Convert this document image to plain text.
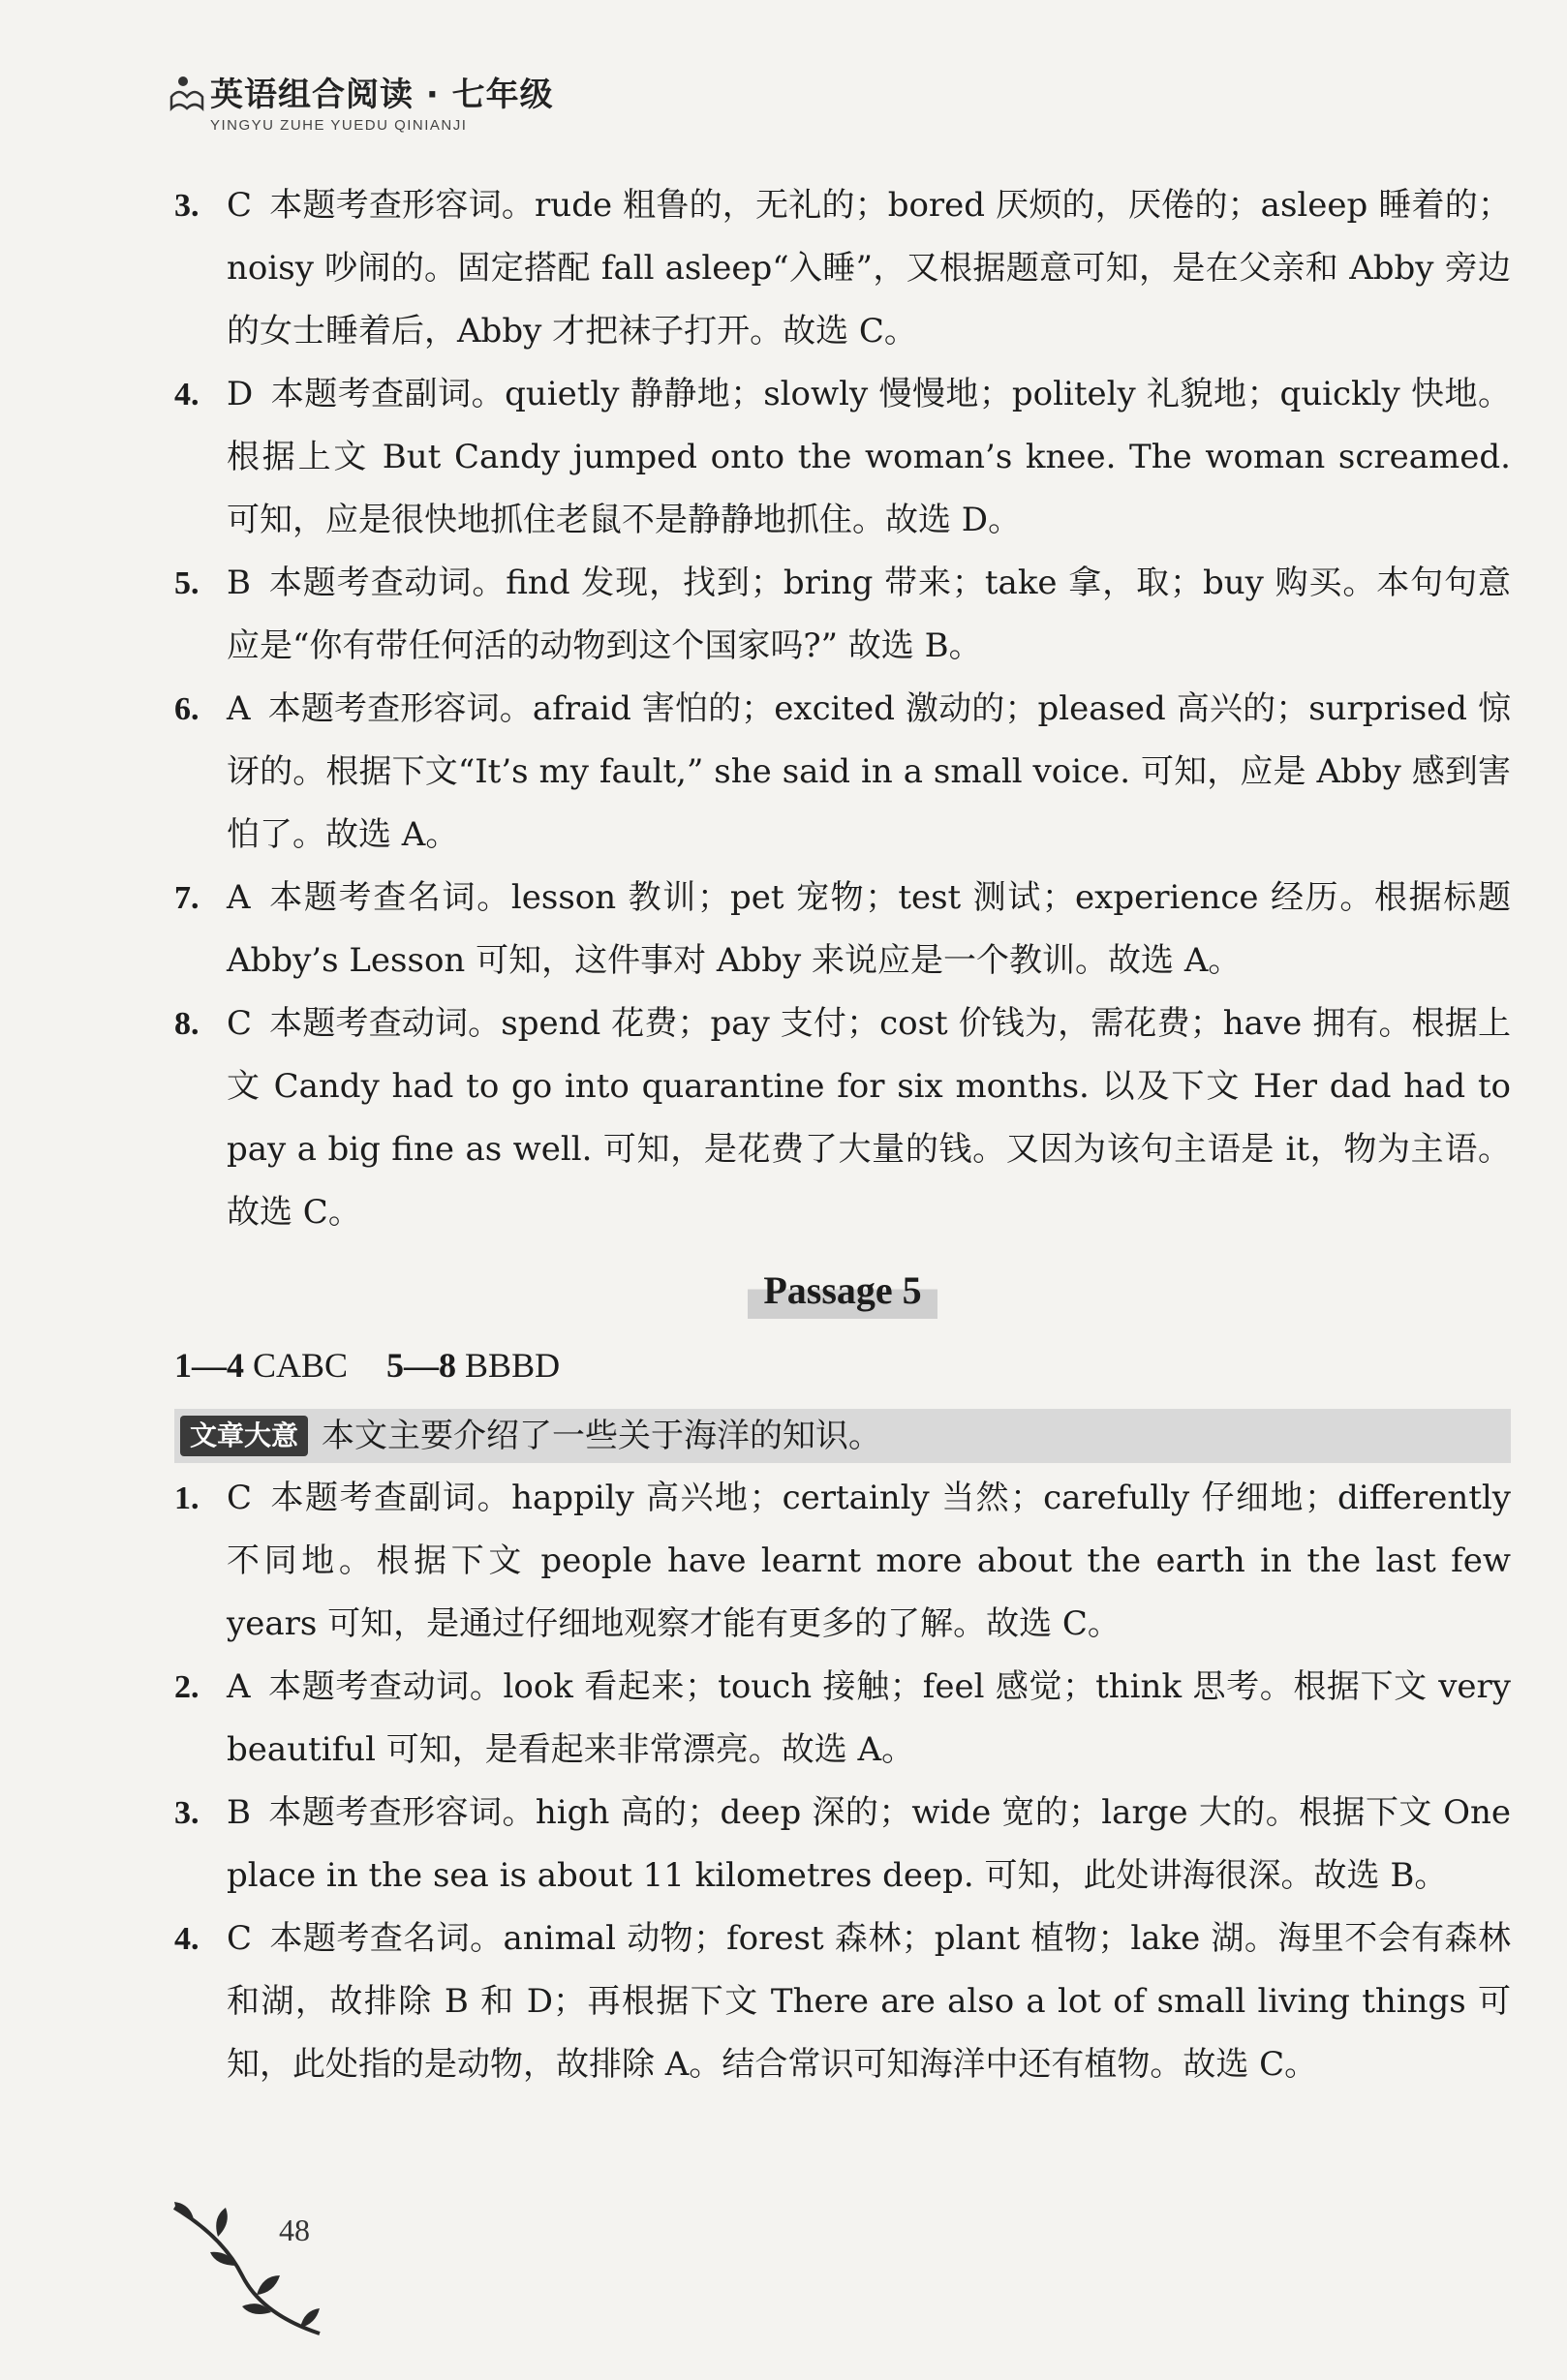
英语组合阅读 · 七年级
YINGYU ZUHE YUEDU QINIANJI
3. C 本题考查形容词。rude 粗鲁的，无礼的；bored 厌烦的，厌倦的；asleep 睡着的；noisy 吵闹的。固定搭配 fall asleep“入睡”，又根据题意可知，是在父亲和 Abby 旁边的女士睡着后，Abby 才把袜子打开。故选 C。
4. D 本题考查副词。quietly 静静地；slowly 慢慢地；politely 礼貌地；quickly 快地。根据上文 But Candy jumped onto the woman’s knee. The woman screamed. 可知，应是很快地抓住老鼠不是静静地抓住。故选 D。
5. B 本题考查动词。find 发现，找到；bring 带来；take 拿，取；buy 购买。本句句意应是“你有带任何活的动物到这个国家吗?” 故选 B。
6. A 本题考查形容词。afraid 害怕的；excited 激动的；pleased 高兴的；surprised 惊讶的。根据下文“It’s my fault,” she said in a small voice. 可知，应是 Abby 感到害怕了。故选 A。
7. A 本题考查名词。lesson 教训；pet 宠物；test 测试；experience 经历。根据标题 Abby’s Lesson 可知，这件事对 Abby 来说应是一个教训。故选 A。
8. C 本题考查动词。spend 花费；pay 支付；cost 价钱为，需花费；have 拥有。根据上文 Candy had to go into quarantine for six months. 以及下文 Her dad had to pay a big fine as well. 可知，是花费了大量的钱。又因为该句主语是 it，物为主语。故选 C。
Passage 5
1—4 CABC 5—8 BBBD
文章大意 本文主要介绍了一些关于海洋的知识。
1. C 本题考查副词。happily 高兴地；certainly 当然；carefully 仔细地；differently 不同地。根据下文 people have learnt more about the earth in the last few years 可知，是通过仔细地观察才能有更多的了解。故选 C。
2. A 本题考查动词。look 看起来；touch 接触；feel 感觉；think 思考。根据下文 very beautiful 可知，是看起来非常漂亮。故选 A。
3. B 本题考查形容词。high 高的；deep 深的；wide 宽的；large 大的。根据下文 One place in the sea is about 11 kilometres deep. 可知，此处讲海很深。故选 B。
4. C 本题考查名词。animal 动物；forest 森林；plant 植物；lake 湖。海里不会有森林和湖，故排除 B 和 D；再根据下文 There are also a lot of small living things 可知，此处指的是动物，故排除 A。结合常识可知海洋中还有植物。故选 C。
48
